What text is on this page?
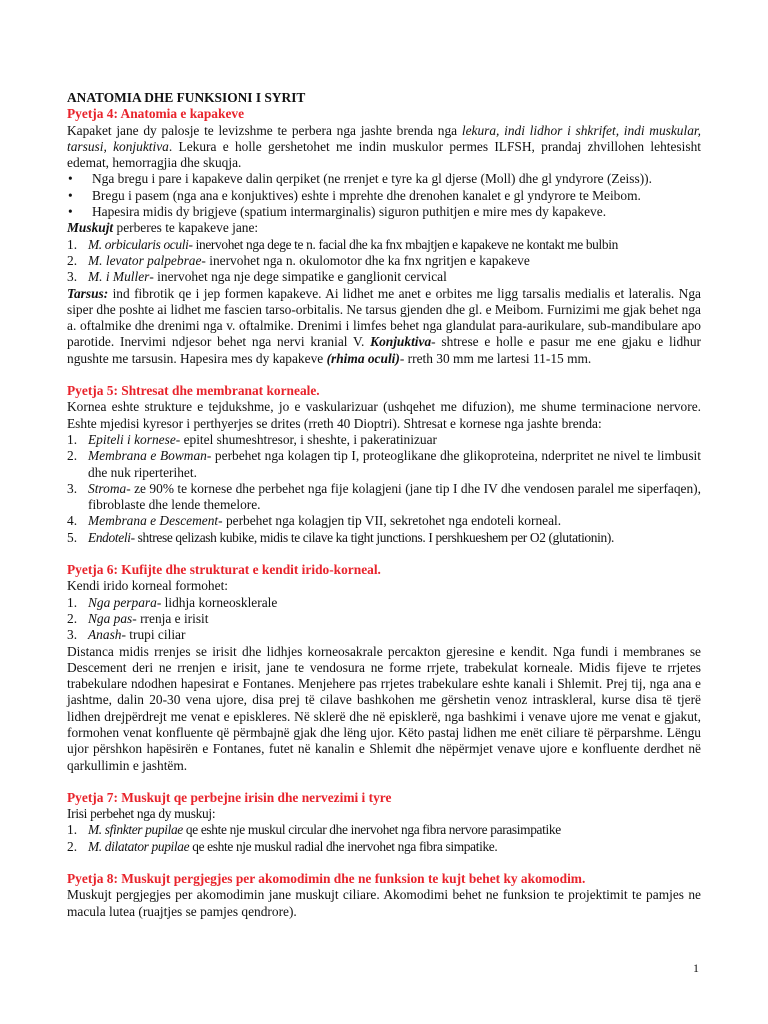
ANATOMIA DHE FUNKSIONI I SYRIT
Pyetja 4: Anatomia e kapakeve

Kapaket jane dy palosje te levizshme te perbera nga jashte brenda nga lekura, indi lidhor i shkrifet, indi muskular, tarsusi, konjuktiva. Lekura e holle gershetohet me indin muskulor permes ILFSH, prandaj zhvillohen lehtesisht edemat, hemorragjia dhe skuqja.

•	Nga bregu i pare i kapakeve dalin qerpiket (ne rrenjet e tyre ka gl djerse (Moll) dhe gl yndyrore (Zeiss)).
•	Bregu i pasem (nga ana e konjuktives) eshte i mprehte dhe drenohen kanalet e gl yndyrore te Meibom.
•	Hapesira midis dy brigjeve (spatium intermarginalis) siguron puthitjen e mire mes dy kapakeve.

Muskujt perberes te kapakeve jane:

1. M. orbicularis oculi- inervohet nga dege te n. facial dhe ka fnx mbajtjen e kapakeve ne kontakt me bulbin
2. M. levator palpebrae- inervohet nga n. okulomotor dhe ka fnx ngritjen e kapakeve
3. M. i Muller- inervohet nga nje dege simpatike e ganglionit cervical

Tarsus: ind fibrotik qe i jep formen kapakeve. Ai lidhet me anet e orbites me ligg tarsalis medialis et lateralis. Nga siper dhe poshte ai lidhet me fascien tarso-orbitalis. Ne tarsus gjenden dhe gl. e Meibom. Furnizimi me gjak behet nga a. oftalmike dhe drenimi nga v. oftalmike. Drenimi i limfes behet nga glandulat para-aurikulare, sub-mandibulare apo parotide. Inervimi ndjesor behet nga nervi kranial V. Konjuktiva- shtrese e holle e pasur me ene gjaku e lidhur ngushte me tarsusin. Hapesira mes dy kapakeve (rhima oculi)- rreth 30 mm me lartesi 11-15 mm.

Pyetja 5: Shtresat dhe membranat korneale.

Kornea eshte strukture e tejdukshme, jo e vaskularizuar (ushqehet me difuzion), me shume terminacione nervore. Eshte mjedisi kyresor i perthyerjes se drites (rreth 40 Dioptri). Shtresat e kornese nga jashte brenda:

1. Epiteli i kornese- epitel shumeshtresor, i sheshte, i pakeratinizuar
2. Membrana e Bowman- perbehet nga kolagen tip I, proteoglikane dhe glikoproteina, nderpritet ne nivel te limbusit dhe nuk riperterihet.
3. Stroma- ze 90% te kornese dhe perbehet nga fije kolagjeni (jane tip I dhe IV dhe vendosen paralel me siperfaqen), fibroblaste dhe lende themelore.
4. Membrana e Descement- perbehet nga kolagjen tip VII, sekretohet nga endoteli korneal.
5. Endoteli- shtrese qelizash kubike, midis te cilave ka tight junctions. I pershkueshem per O2 (glutationin).
Pyetja 6: Kufijte dhe strukturat e kendit irido-korneal.

Kendi irido korneal formohet:

1. Nga perpara- lidhja korneosklerale
2. Nga pas- rrenja e irisit
3. Anash- trupi ciliar

Distanca midis rrenjes se irisit dhe lidhjes korneosakrale percakton gjeresine e kendit. Nga fundi i membranes se Descement deri ne rrenjen e irisit, jane te vendosura ne forme rrjete, trabekulat korneale. Midis fijeve te rrjetes trabekulare ndodhen hapesirat e Fontanes. Menjehere pas rrjetes trabekulare eshte kanali i Shlemit. Prej tij, nga ana e jashtme, dalin 20-30 vena ujore, disa prej të cilave bashkohen me gërshetin venoz intraskleral, kurse disa të tjerë lidhen drejpërdrejt me venat e episkleres. Në sklerë dhe në episklerë, nga bashkimi i venave ujore me venat e gjakut, formohen venat konfluente që përmbajnë gjak dhe lëng ujor. Këto pastaj lidhen me enët ciliare të përparshme. Lëngu ujor përshkon hapësirën e Fontanes, futet në kanalin e Shlemit dhe nëpërmjet venave ujore e konfluente derdhet në qarkullimin e jashtëm.

Pyetja 7: Muskujt qe perbejne irisin dhe nervezimi i tyre

Irisi perbehet nga dy muskuj:

1. M. sfinkter pupilae qe eshte nje muskul circular dhe inervohet nga fibra nervore parasimpatike
2. M. dilatator pupilae qe eshte nje muskul radial dhe inervohet nga fibra simpatike.
Pyetja 8: Muskujt pergjegjes per akomodimin dhe ne funksion te kujt behet ky akomodim.

Muskujt pergjegjes per akomodimin jane muskujt ciliare. Akomodimi behet ne funksion te projektimit te pamjes ne macula lutea (ruajtjes se pamjes qendrore).

1
